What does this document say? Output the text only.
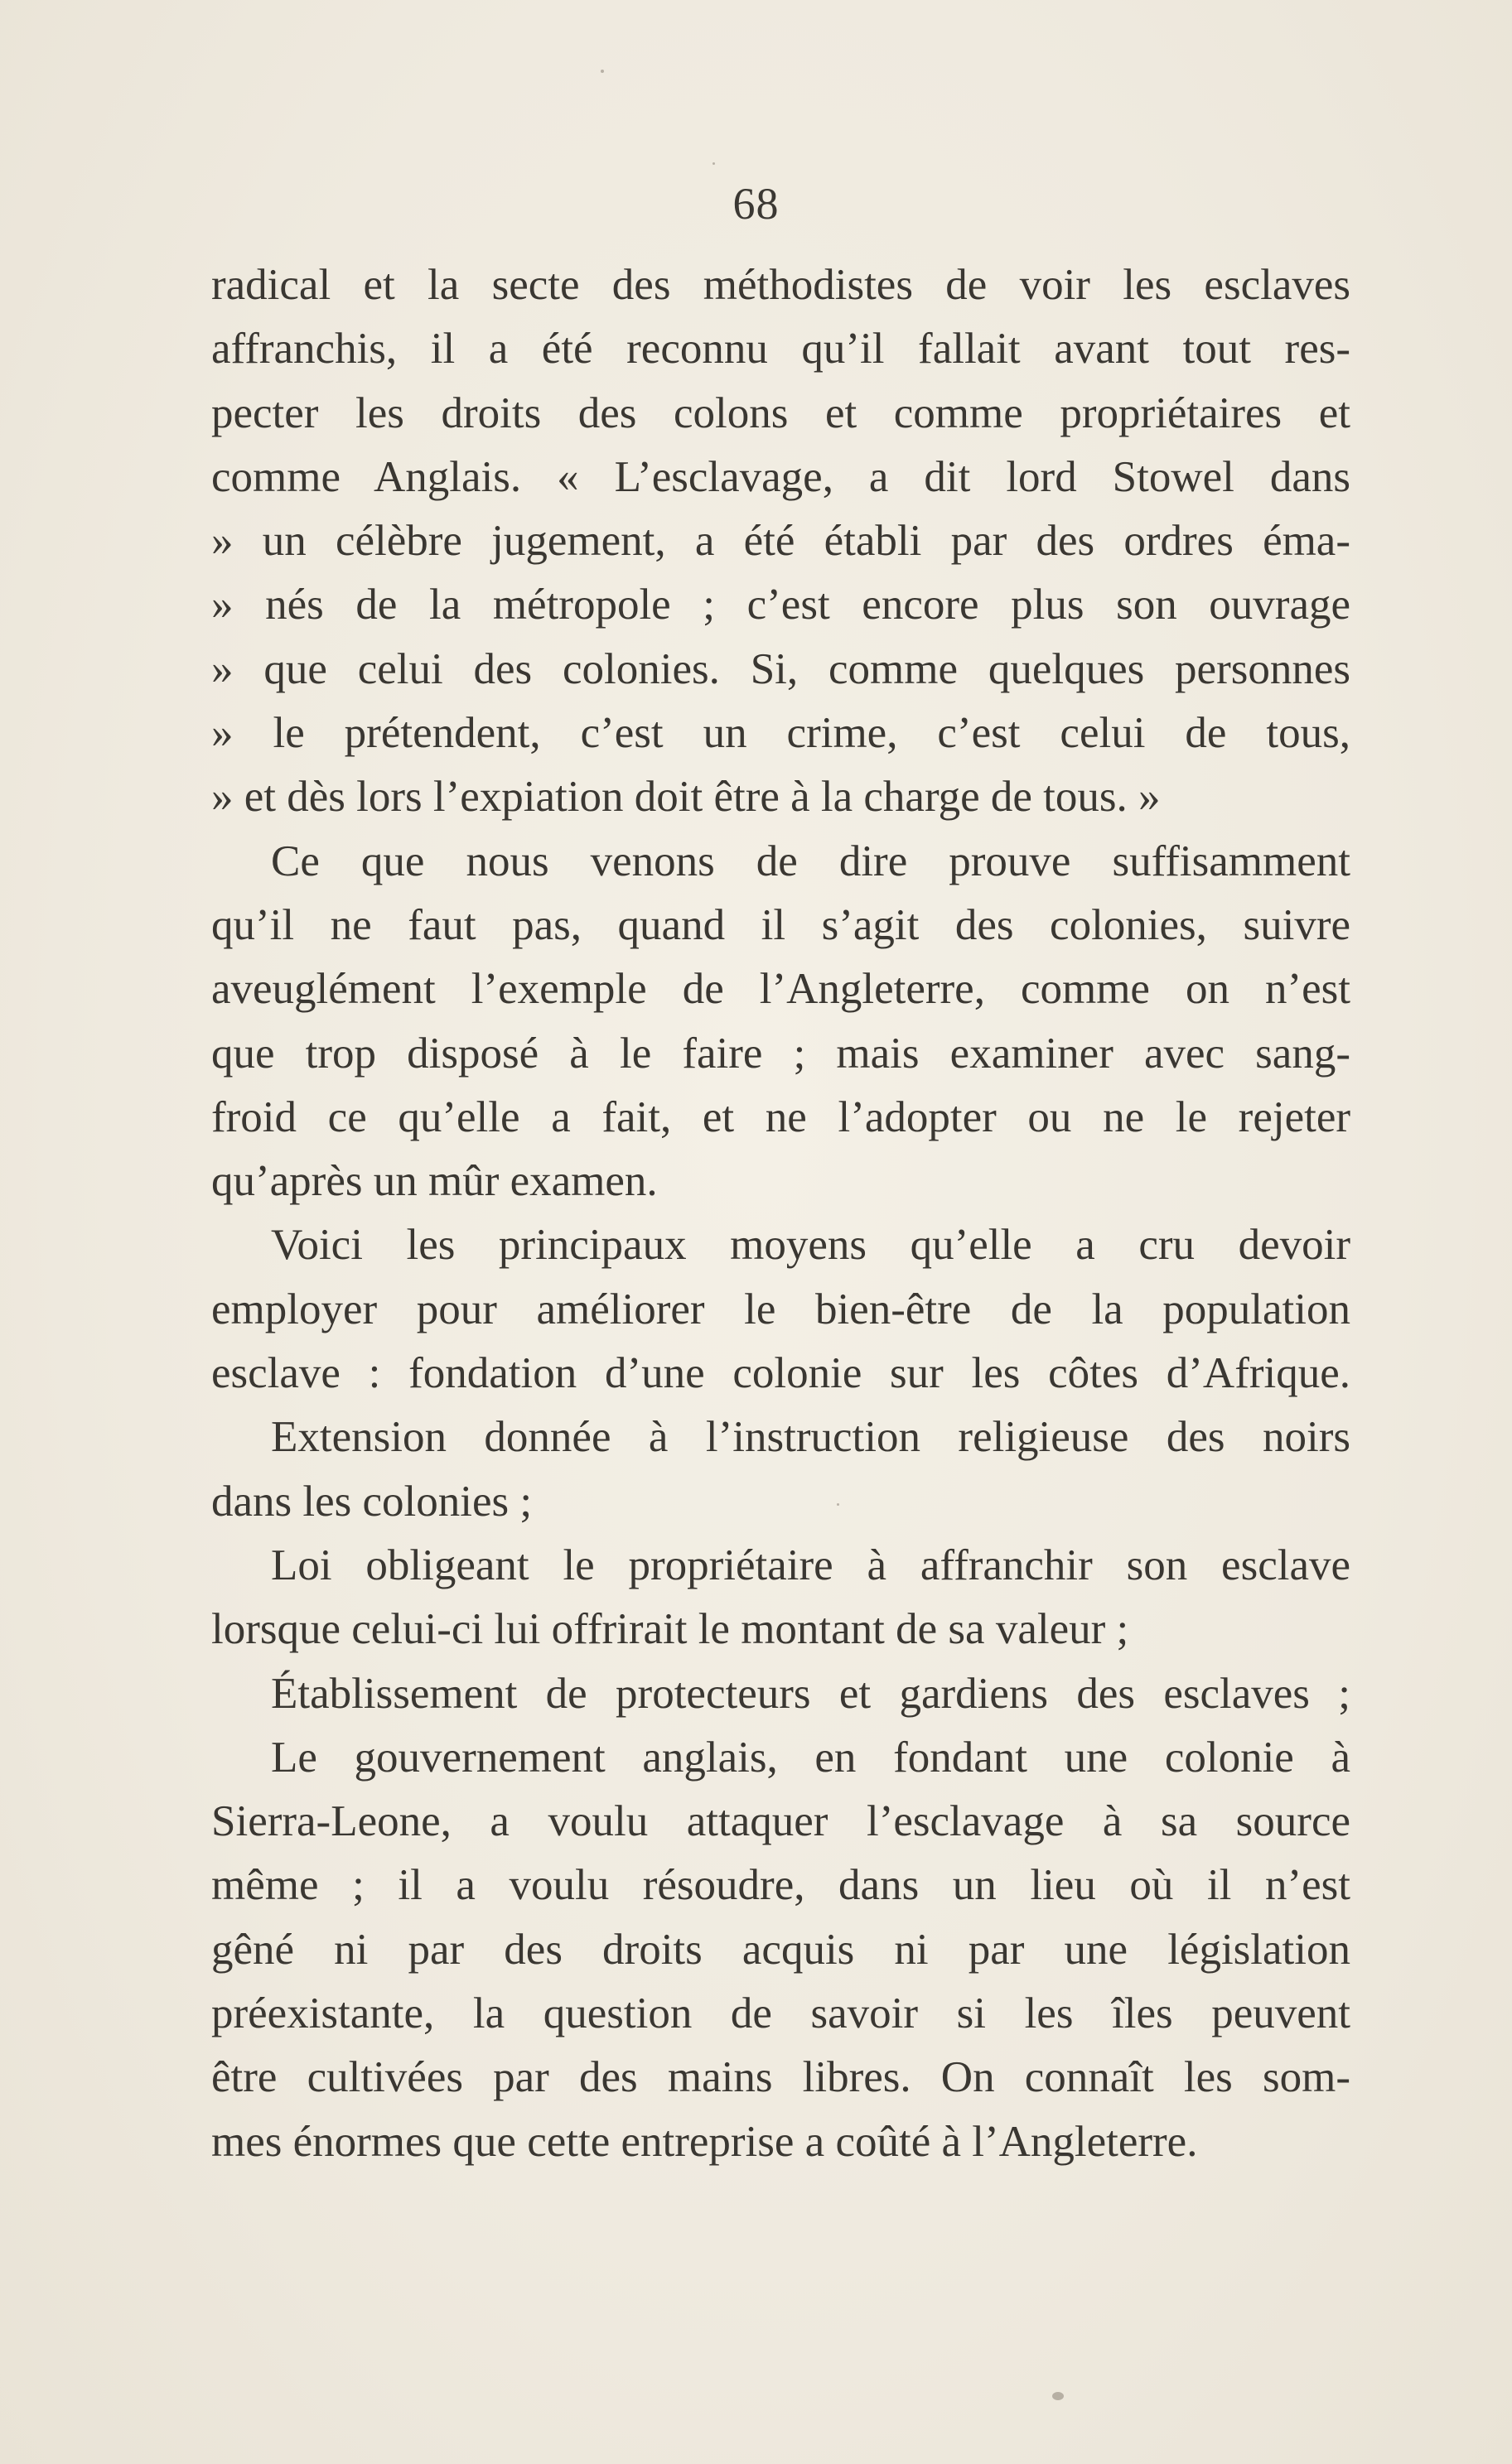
68
radical et la secte des méthodistes de voir les esclaves
affranchis, il a été reconnu qu’il fallait avant tout res-
pecter les droits des colons et comme propriétaires et
comme Anglais. « L’esclavage, a dit lord Stowel dans
» un célèbre jugement, a été établi par des ordres éma-
» nés de la métropole ; c’est encore plus son ouvrage
» que celui des colonies. Si, comme quelques personnes
» le prétendent, c’est un crime, c’est celui de tous,
» et dès lors l’expiation doit être à la charge de tous. »
Ce que nous venons de dire prouve suffisamment
qu’il ne faut pas, quand il s’agit des colonies, suivre
aveuglément l’exemple de l’Angleterre, comme on n’est
que trop disposé à le faire ; mais examiner avec sang-
froid ce qu’elle a fait, et ne l’adopter ou ne le rejeter
qu’après un mûr examen.
Voici les principaux moyens qu’elle a cru devoir
employer pour améliorer le bien-être de la population
esclave : fondation d’une colonie sur les côtes d’Afrique.
Extension donnée à l’instruction religieuse des noirs
dans les colonies ;
Loi obligeant le propriétaire à affranchir son esclave
lorsque celui-ci lui offrirait le montant de sa valeur ;
Établissement de protecteurs et gardiens des esclaves ;
Le gouvernement anglais, en fondant une colonie à
Sierra-Leone, a voulu attaquer l’esclavage à sa source
même ; il a voulu résoudre, dans un lieu où il n’est
gêné ni par des droits acquis ni par une législation
préexistante, la question de savoir si les îles peuvent
être cultivées par des mains libres. On connaît les som-
mes énormes que cette entreprise a coûté à l’Angleterre.
